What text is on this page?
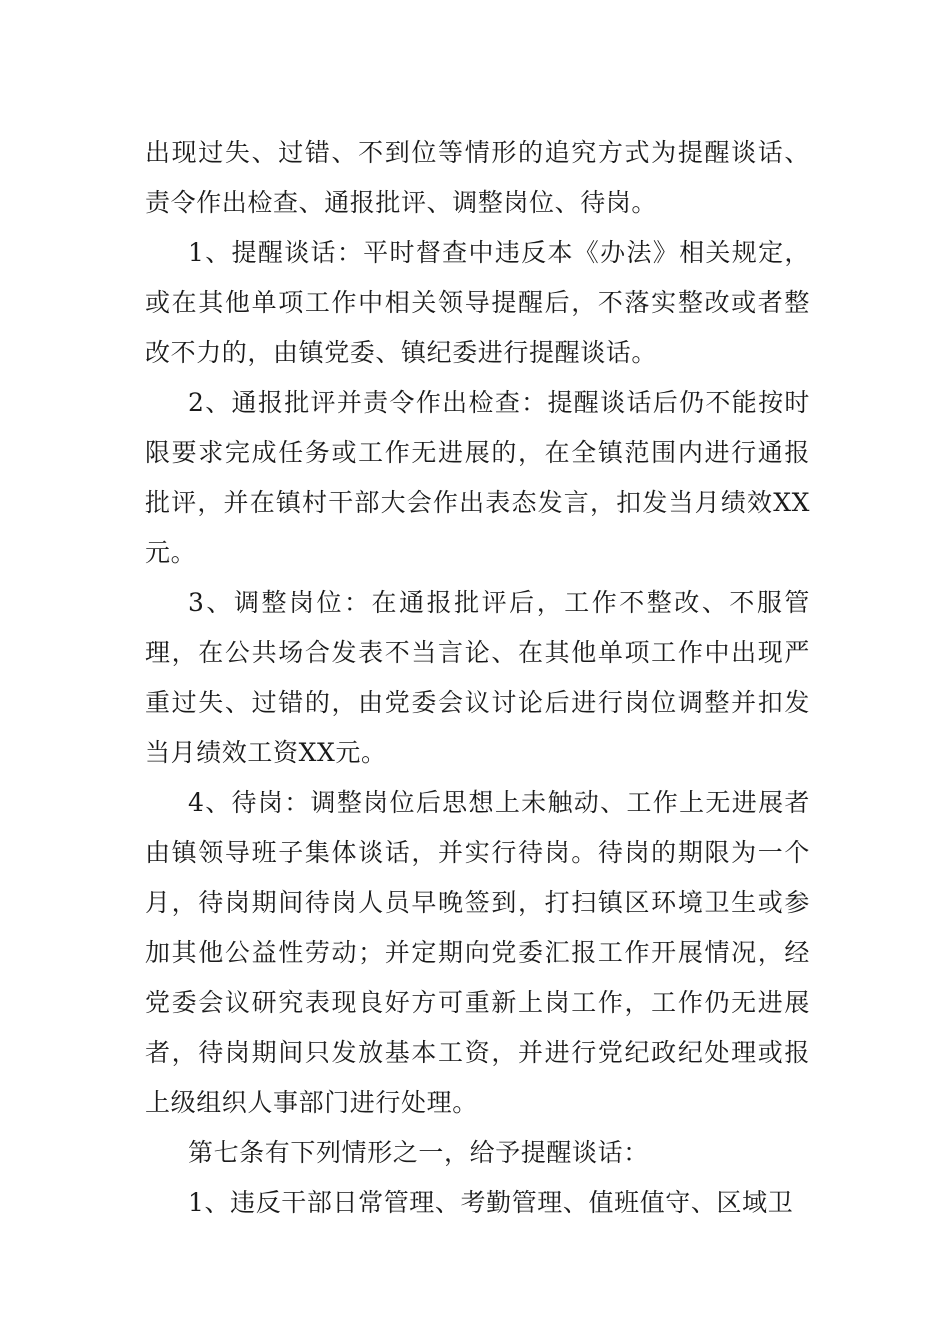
出现过失、过错、不到位等情形的追究方式为提醒谈话、责令作出检查、通报批评、调整岗位、待岗。

1、提醒谈话：平时督查中违反本《办法》相关规定，或在其他单项工作中相关领导提醒后，不落实整改或者整改不力的，由镇党委、镇纪委进行提醒谈话。

2、通报批评并责令作出检查：提醒谈话后仍不能按时限要求完成任务或工作无进展的，在全镇范围内进行通报批评，并在镇村干部大会作出表态发言，扣发当月绩效XX元。

3、调整岗位：在通报批评后，工作不整改、不服管理，在公共场合发表不当言论、在其他单项工作中出现严重过失、过错的，由党委会议讨论后进行岗位调整并扣发当月绩效工资XX元。

4、待岗：调整岗位后思想上未触动、工作上无进展者由镇领导班子集体谈话，并实行待岗。待岗的期限为一个月，待岗期间待岗人员早晚签到，打扫镇区环境卫生或参加其他公益性劳动；并定期向党委汇报工作开展情况，经党委会议研究表现良好方可重新上岗工作，工作仍无进展者，待岗期间只发放基本工资，并进行党纪政纪处理或报上级组织人事部门进行处理。

第七条有下列情形之一，给予提醒谈话：

1、违反干部日常管理、考勤管理、值班值守、区域卫
